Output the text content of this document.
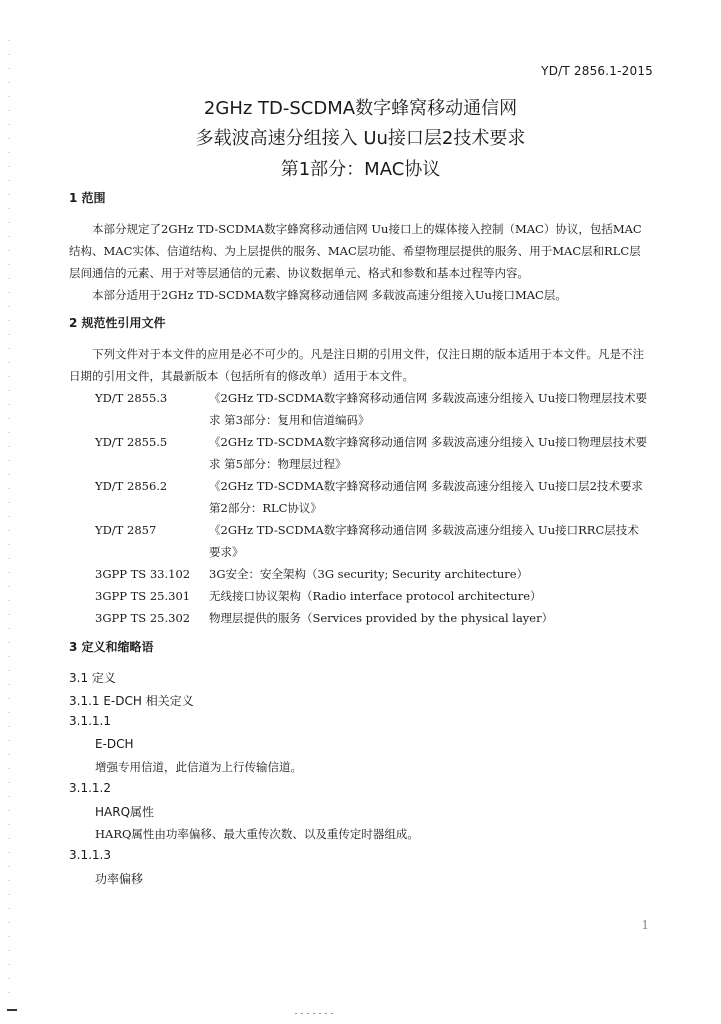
YD/T 2856.1-2015
2GHz TD-SCDMA数字蜂窝移动通信网
多载波高速分组接入 Uu接口层2技术要求
第1部分：MAC协议
1 范围
本部分规定了2GHz TD-SCDMA数字蜂窝移动通信网 Uu接口上的媒体接入控制（MAC）协议，包括MAC结构、MAC实体、信道结构、为上层提供的服务、MAC层功能、希望物理层提供的服务、用于MAC层和RLC层层间通信的元素、用于对等层通信的元素、协议数据单元、格式和参数和基本过程等内容。
本部分适用于2GHz TD-SCDMA数字蜂窝移动通信网 多载波高速分组接入Uu接口MAC层。
2 规范性引用文件
下列文件对于本文件的应用是必不可少的。凡是注日期的引用文件，仅注日期的版本适用于本文件。凡是不注日期的引用文件，其最新版本（包括所有的修改单）适用于本文件。
YD/T 2855.3	《2GHz TD-SCDMA数字蜂窝移动通信网 多载波高速分组接入 Uu接口物理层技术要求 第3部分：复用和信道编码》
YD/T 2855.5	《2GHz TD-SCDMA数字蜂窝移动通信网 多载波高速分组接入 Uu接口物理层技术要求 第5部分：物理层过程》
YD/T 2856.2	《2GHz TD-SCDMA数字蜂窝移动通信网 多载波高速分组接入 Uu接口层2技术要求 第2部分：RLC协议》
YD/T 2857	《2GHz TD-SCDMA数字蜂窝移动通信网 多载波高速分组接入 Uu接口RRC层技术要求》
3GPP TS 33.102	3G安全：安全架构（3G security; Security architecture）
3GPP TS 25.301	无线接口协议架构（Radio interface protocol architecture）
3GPP TS 25.302	物理层提供的服务（Services provided by the physical layer）
3 定义和缩略语
3.1 定义
3.1.1 E-DCH 相关定义
3.1.1.1
E-DCH
增强专用信道，此信道为上行传输信道。
3.1.1.2
HARQ属性
HARQ属性由功率偏移、最大重传次数、以及重传定时器组成。
3.1.1.3
功率偏移
1
